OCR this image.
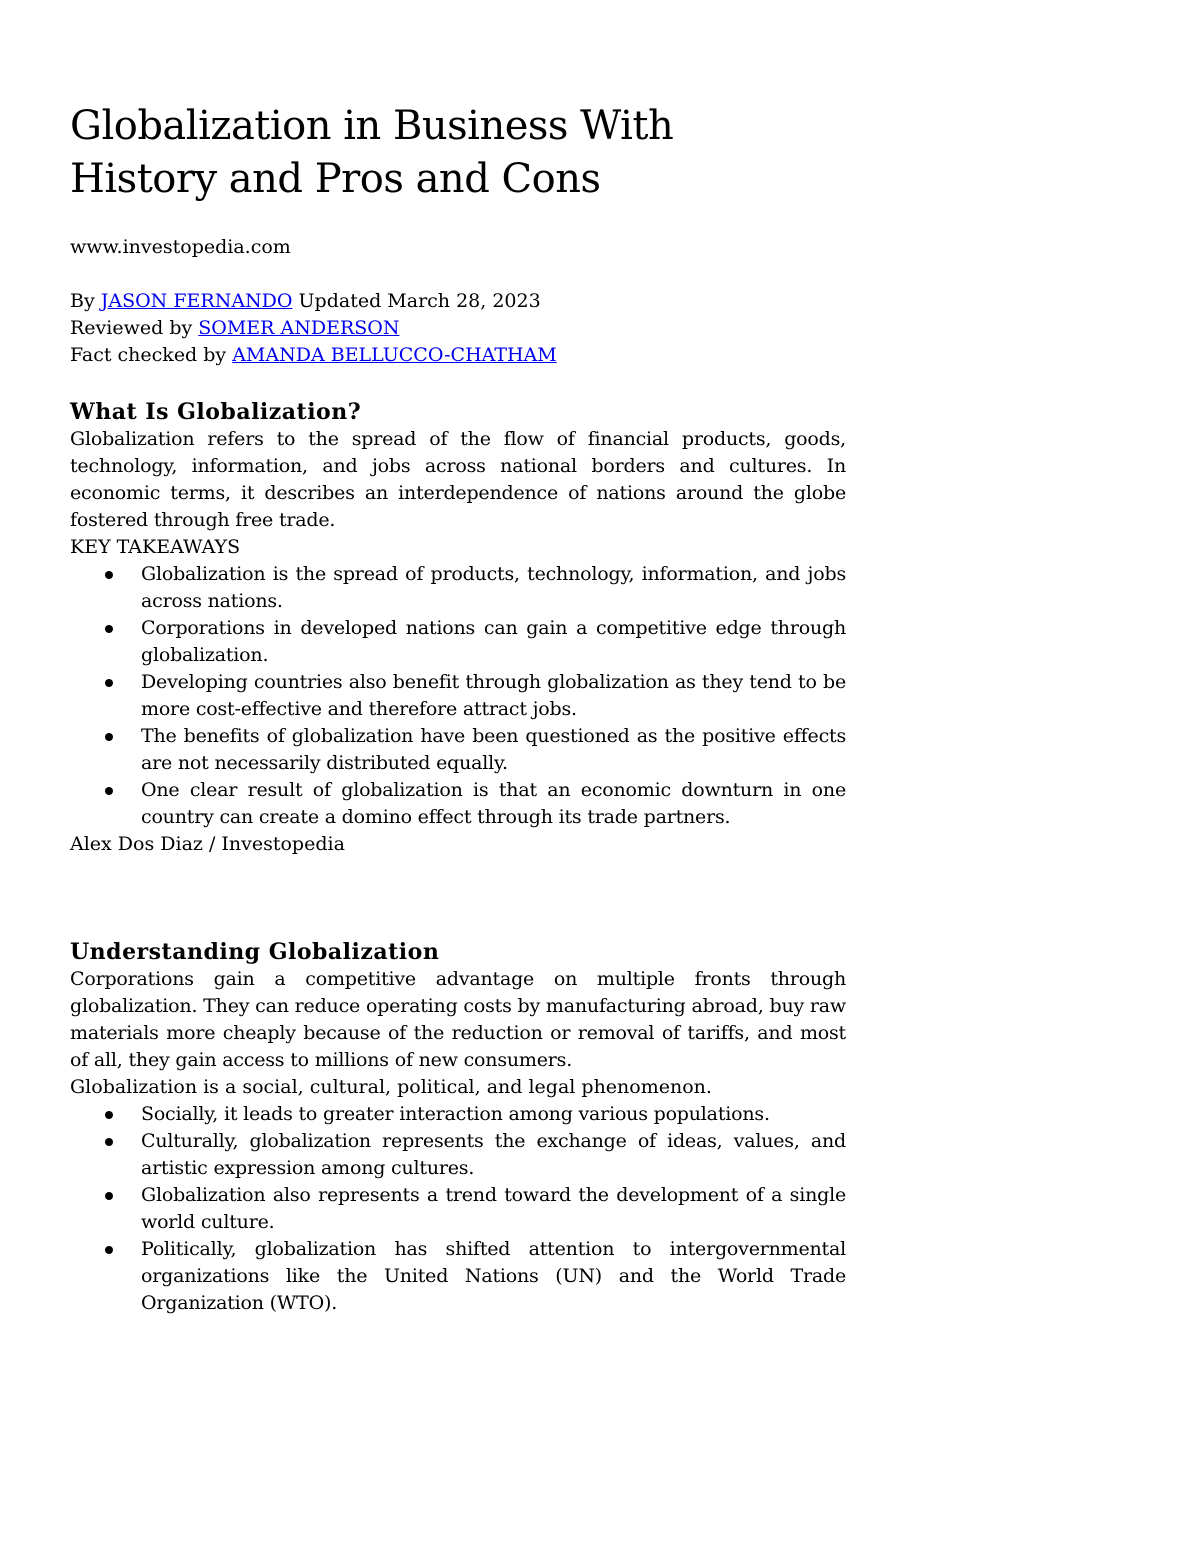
Globalization in Business With
History and Pros and Cons
www.investopedia.com
By JASON FERNANDO Updated March 28, 2023
Reviewed by SOMER ANDERSON
Fact checked by AMANDA BELLUCCO-CHATHAM
What Is Globalization?

Globalization refers to the spread of the flow of financial products, goods, technology, information, and jobs across national borders and cultures. In economic terms, it describes an interdependence of nations around the globe fostered through free trade.

KEY TAKEAWAYS

Globalization is the spread of products, technology, information, and jobs across nations.
Corporations in developed nations can gain a competitive edge through globalization.
Developing countries also benefit through globalization as they tend to be more cost-effective and therefore attract jobs.
The benefits of globalization have been questioned as the positive effects are not necessarily distributed equally.
One clear result of globalization is that an economic downturn in one country can create a domino effect through its trade partners.

Alex Dos Diaz / Investopedia

Understanding Globalization

Corporations gain a competitive advantage on multiple fronts through globalization. They can reduce operating costs by manufacturing abroad, buy raw materials more cheaply because of the reduction or removal of tariffs, and most of all, they gain access to millions of new consumers.

Globalization is a social, cultural, political, and legal phenomenon.

Socially, it leads to greater interaction among various populations.
Culturally, globalization represents the exchange of ideas, values, and artistic expression among cultures.
Globalization also represents a trend toward the development of a single world culture.
Politically, globalization has shifted attention to intergovernmental organizations like the United Nations (UN) and the World Trade Organization (WTO).
